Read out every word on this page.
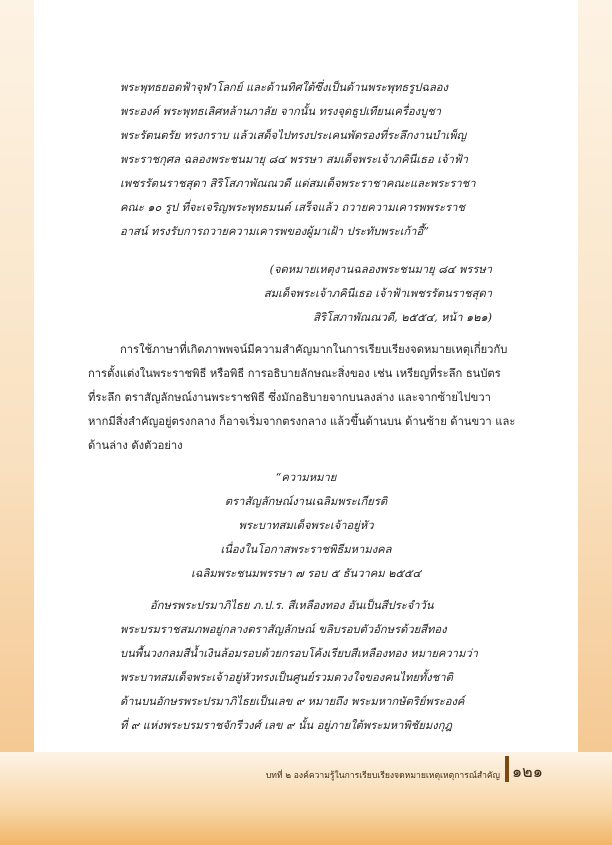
พระพุทธยอดฟ้าจุฬาโลกย์ และด้านทิศใต้ซึ่งเป็นด้านพระพุทธรูปฉลอง
พระองค์ พระพุทธเลิศหล้านภาลัย จากนั้น ทรงจุดธูปเทียนเครื่องบูชา
พระรัตนตรัย ทรงกราบ แล้วเสด็จไปทรงประเคนพัดรองที่ระลึกงานบำเพ็ญ
พระราชกุศล ฉลองพระชนมายุ ๘๔ พรรษา สมเด็จพระเจ้าภคินีเธอ เจ้าฟ้า
เพชรรัตนราชสุดา สิริโสภาพัณณวดี แด่สมเด็จพระราชาคณะและพระราชา
คณะ ๑๐ รูป ที่จะเจริญพระพุทธมนต์ เสร็จแล้ว ถวายความเคารพพระราช
อาสน์ ทรงรับการถวายความเคารพของผู้มาเฝ้า ประทับพระเก้าอี้”
(จดหมายเหตุงานฉลองพระชนมายุ ๘๔ พรรษา
สมเด็จพระเจ้าภคินีเธอ เจ้าฟ้าเพชรรัตนราชสุดา
สิริโสภาพัณณวดี, ๒๕๕๔, หน้า ๑๒๑)
การใช้ภาษาที่เกิดภาพพจน์มีความสำคัญมากในการเรียบเรียงจดหมายเหตุเกี่ยวกับ
การตั้งแต่งในพระราชพิธี หรือพิธี การอธิบายลักษณะสิ่งของ เช่น เหรียญที่ระลึก ธนบัตร
ที่ระลึก ตราสัญลักษณ์งานพระราชพิธี ซึ่งมักอธิบายจากบนลงล่าง และจากซ้ายไปขวา
หากมีสิ่งสำคัญอยู่ตรงกลาง ก็อาจเริ่มจากตรงกลาง แล้วขึ้นด้านบน ด้านซ้าย ด้านขวา และ
ด้านล่าง ดังตัวอย่าง
“ความหมาย
ตราสัญลักษณ์งานเฉลิมพระเกียรติ
พระบาทสมเด็จพระเจ้าอยู่หัว
เนื่องในโอกาสพระราชพิธีมหามงคล
เฉลิมพระชนมพรรษา ๗ รอบ ๕ ธันวาคม ๒๕๕๔
อักษรพระปรมาภิไธย ภ.ป.ร. สีเหลืองทอง อันเป็นสีประจำวัน
พระบรมราชสมภพอยู่กลางตราสัญลักษณ์ ขลิบรอบตัวอักษรด้วยสีทอง
บนพื้นวงกลมสีน้ำเงินล้อมรอบด้วยกรอบโค้งเรียบสีเหลืองทอง หมายความว่า
พระบาทสมเด็จพระเจ้าอยู่หัวทรงเป็นศูนย์รวมดวงใจของคนไทยทั้งชาติ
ด้านบนอักษรพระปรมาภิไธยเป็นเลข ๙ หมายถึง พระมหากษัตริย์พระองค์
ที่ ๙ แห่งพระบรมราชจักรีวงศ์ เลข ๙ นั้น อยู่ภายใต้พระมหาพิชัยมงกุฎ
บทที่ ๒ องค์ความรู้ในการเรียบเรียงจดหมายเหตุเหตุการณ์สำคัญ ๑๒๑
